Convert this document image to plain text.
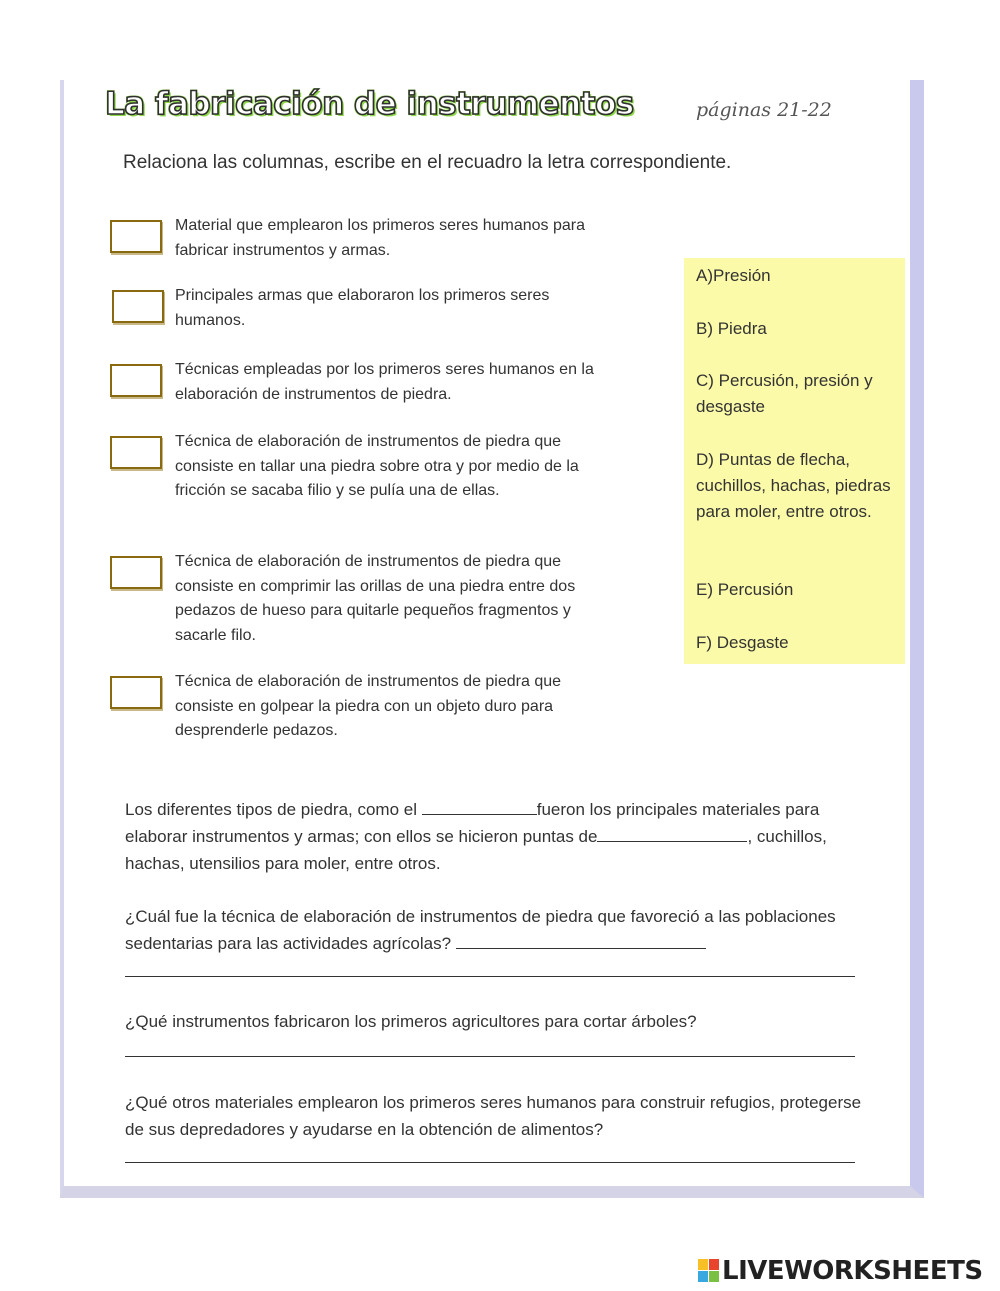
La fabricación de instrumentos	páginas 21-22
Relaciona las columnas, escribe en el recuadro la letra correspondiente.
Material que emplearon los primeros seres humanos para fabricar instrumentos y armas.
Principales armas que elaboraron los primeros seres humanos.
Técnicas empleadas por los primeros seres humanos en la elaboración de instrumentos de piedra.
Técnica de elaboración de instrumentos de piedra que consiste en tallar una piedra sobre otra y por medio de la fricción se sacaba filio y se pulía una de ellas.
Técnica de elaboración de instrumentos de piedra que consiste en comprimir las orillas de una piedra entre dos pedazos de hueso para quitarle pequeños fragmentos y sacarle filo.
Técnica de elaboración de instrumentos de piedra que consiste en golpear la piedra con un objeto duro para desprenderle pedazos.
A)Presión
B) Piedra
C) Percusión, presión y desgaste
D) Puntas de flecha, cuchillos, hachas, piedras para moler, entre otros.
E) Percusión
F) Desgaste
Los diferentes tipos de piedra, como el	fueron los principales materiales para elaborar instrumentos y armas; con ellos se hicieron puntas de	, cuchillos, hachas, utensilios para moler, entre otros.
¿Cuál fue la técnica de elaboración de instrumentos de piedra que favoreció a las poblaciones sedentarias para las actividades agrícolas?
¿Qué instrumentos fabricaron los primeros agricultores para cortar árboles?
¿Qué otros materiales emplearon los primeros seres humanos para construir refugios, protegerse de sus depredadores y ayudarse en la obtención de alimentos?
LIVEWORKSHEETS
